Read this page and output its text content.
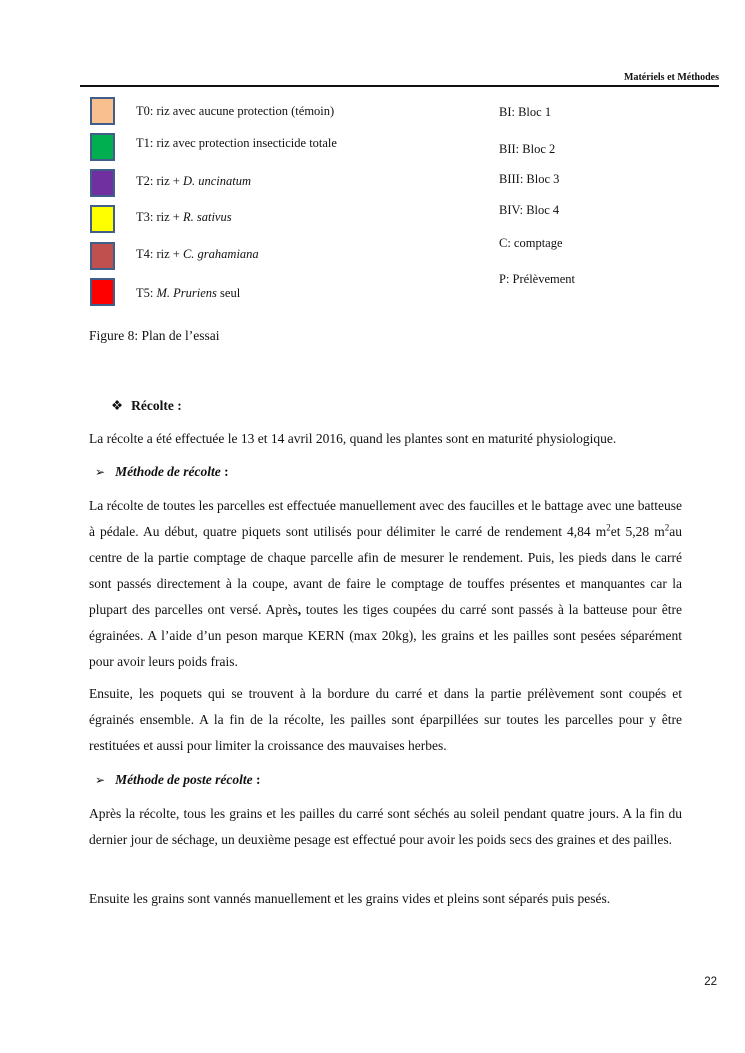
Matériels et Méthodes
T0: riz avec aucune protection (témoin)
T1: riz avec protection insecticide totale
T2: riz + D. uncinatum
T3: riz + R. sativus
T4: riz + C. grahamiana
T5: M. Pruriens seul
BI: Bloc 1
BII: Bloc 2
BIII: Bloc 3
BIV: Bloc 4
C: comptage
P: Prélèvement
Figure 8: Plan de l’essai
❖ Récolte :

La récolte a été effectuée le 13 et 14 avril 2016, quand les plantes sont en maturité physiologique.

➢ Méthode de récolte :

La récolte de toutes les parcelles est effectuée manuellement avec des faucilles et le battage avec une batteuse à pédale. Au début, quatre piquets sont utilisés pour délimiter le carré de rendement 4,84 $m^2et$ 5,28 $m^2au$ centre de la partie comptage de chaque parcelle afin de mesurer le rendement. Puis, les pieds dans le carré sont passés directement à la coupe, avant de faire le comptage de touffes présentes et manquantes car la plupart des parcelles ont versé. Après, toutes les tiges coupées du carré sont passés à la batteuse pour être égrainées. A l’aide d’un peson marque KERN (max 20kg), les grains et les pailles sont pesées séparément pour avoir leurs poids frais.

Ensuite, les poquets qui se trouvent à la bordure du carré et dans la partie prélèvement sont coupés et égrainés ensemble. A la fin de la récolte, les pailles sont éparpillées sur toutes les parcelles pour y être restituées et aussi pour limiter la croissance des mauvaises herbes.

➢ Méthode de poste récolte :

Après la récolte, tous les grains et les pailles du carré sont séchés au soleil pendant quatre jours. A la fin du dernier jour de séchage, un deuxième pesage est effectué pour avoir les poids secs des graines et des pailles.

Ensuite les grains sont vannés manuellement et les grains vides et pleins sont séparés puis pesés.

22
